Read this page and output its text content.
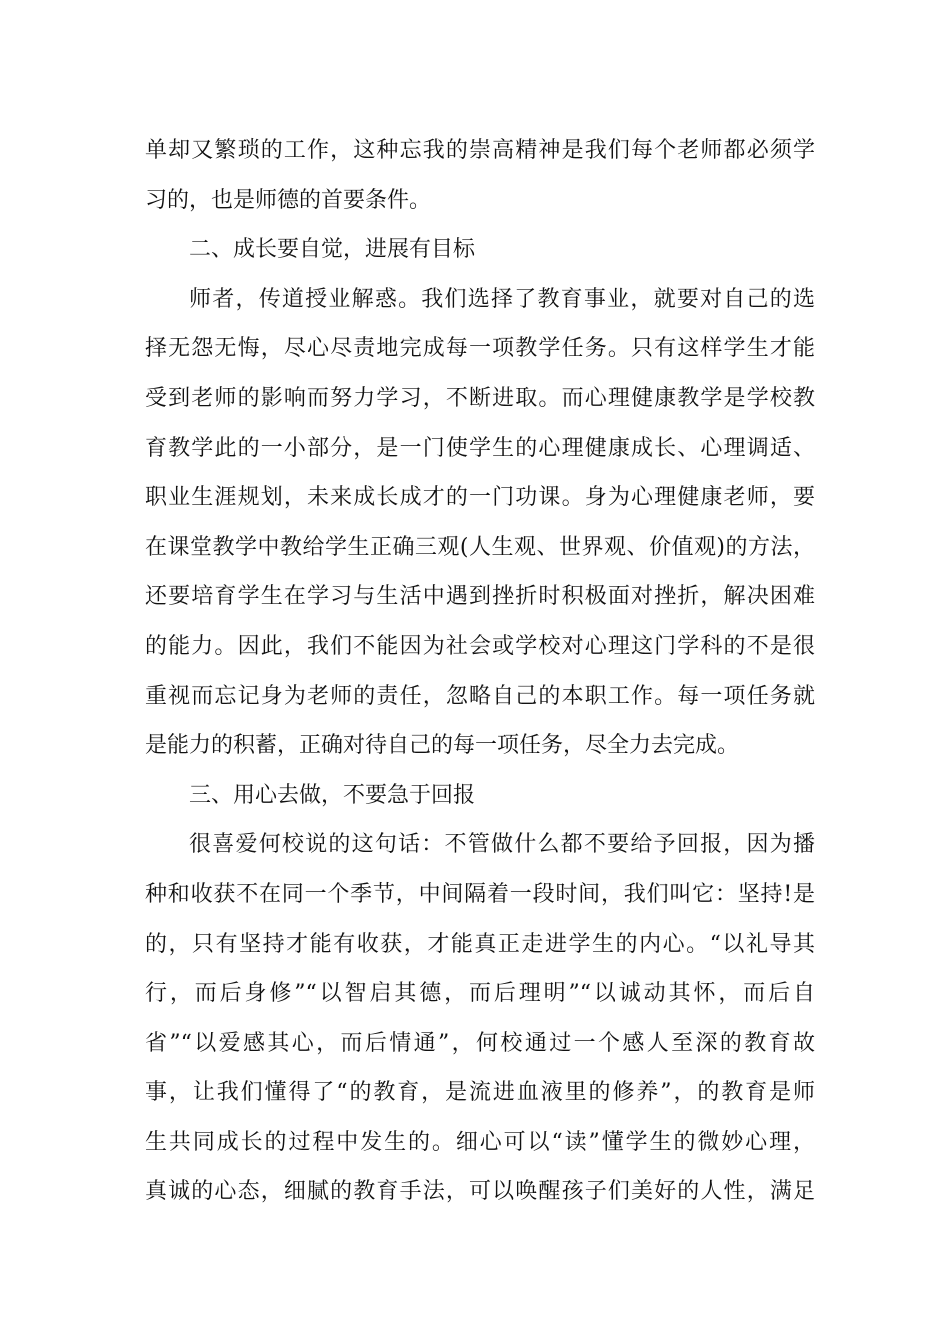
单却又繁琐的工作，这种忘我的崇高精神是我们每个老师都必须学
习的，也是师德的首要条件。
二、成长要自觉，进展有目标
师者，传道授业解惑。我们选择了教育事业，就要对自己的选
择无怨无悔，尽心尽责地完成每一项教学任务。只有这样学生才能
受到老师的影响而努力学习，不断进取。而心理健康教学是学校教
育教学此的一小部分，是一门使学生的心理健康成长、心理调适、
职业生涯规划，未来成长成才的一门功课。身为心理健康老师，要
在课堂教学中教给学生正确三观(人生观、世界观、价值观)的方法，
还要培育学生在学习与生活中遇到挫折时积极面对挫折，解决困难
的能力。因此，我们不能因为社会或学校对心理这门学科的不是很
重视而忘记身为老师的责任，忽略自己的本职工作。每一项任务就
是能力的积蓄，正确对待自己的每一项任务，尽全力去完成。
三、用心去做，不要急于回报
很喜爱何校说的这句话：不管做什么都不要给予回报，因为播
种和收获不在同一个季节，中间隔着一段时间，我们叫它：坚持!是
的，只有坚持才能有收获，才能真正走进学生的内心。“以礼导其
行，而后身修”“以智启其德，而后理明”“以诚动其怀，而后自
省”“以爱感其心，而后情通”，何校通过一个感人至深的教育故
事，让我们懂得了“的教育，是流进血液里的修养”，的教育是师
生共同成长的过程中发生的。细心可以“读”懂学生的微妙心理，
真诚的心态，细腻的教育手法，可以唤醒孩子们美好的人性，满足
